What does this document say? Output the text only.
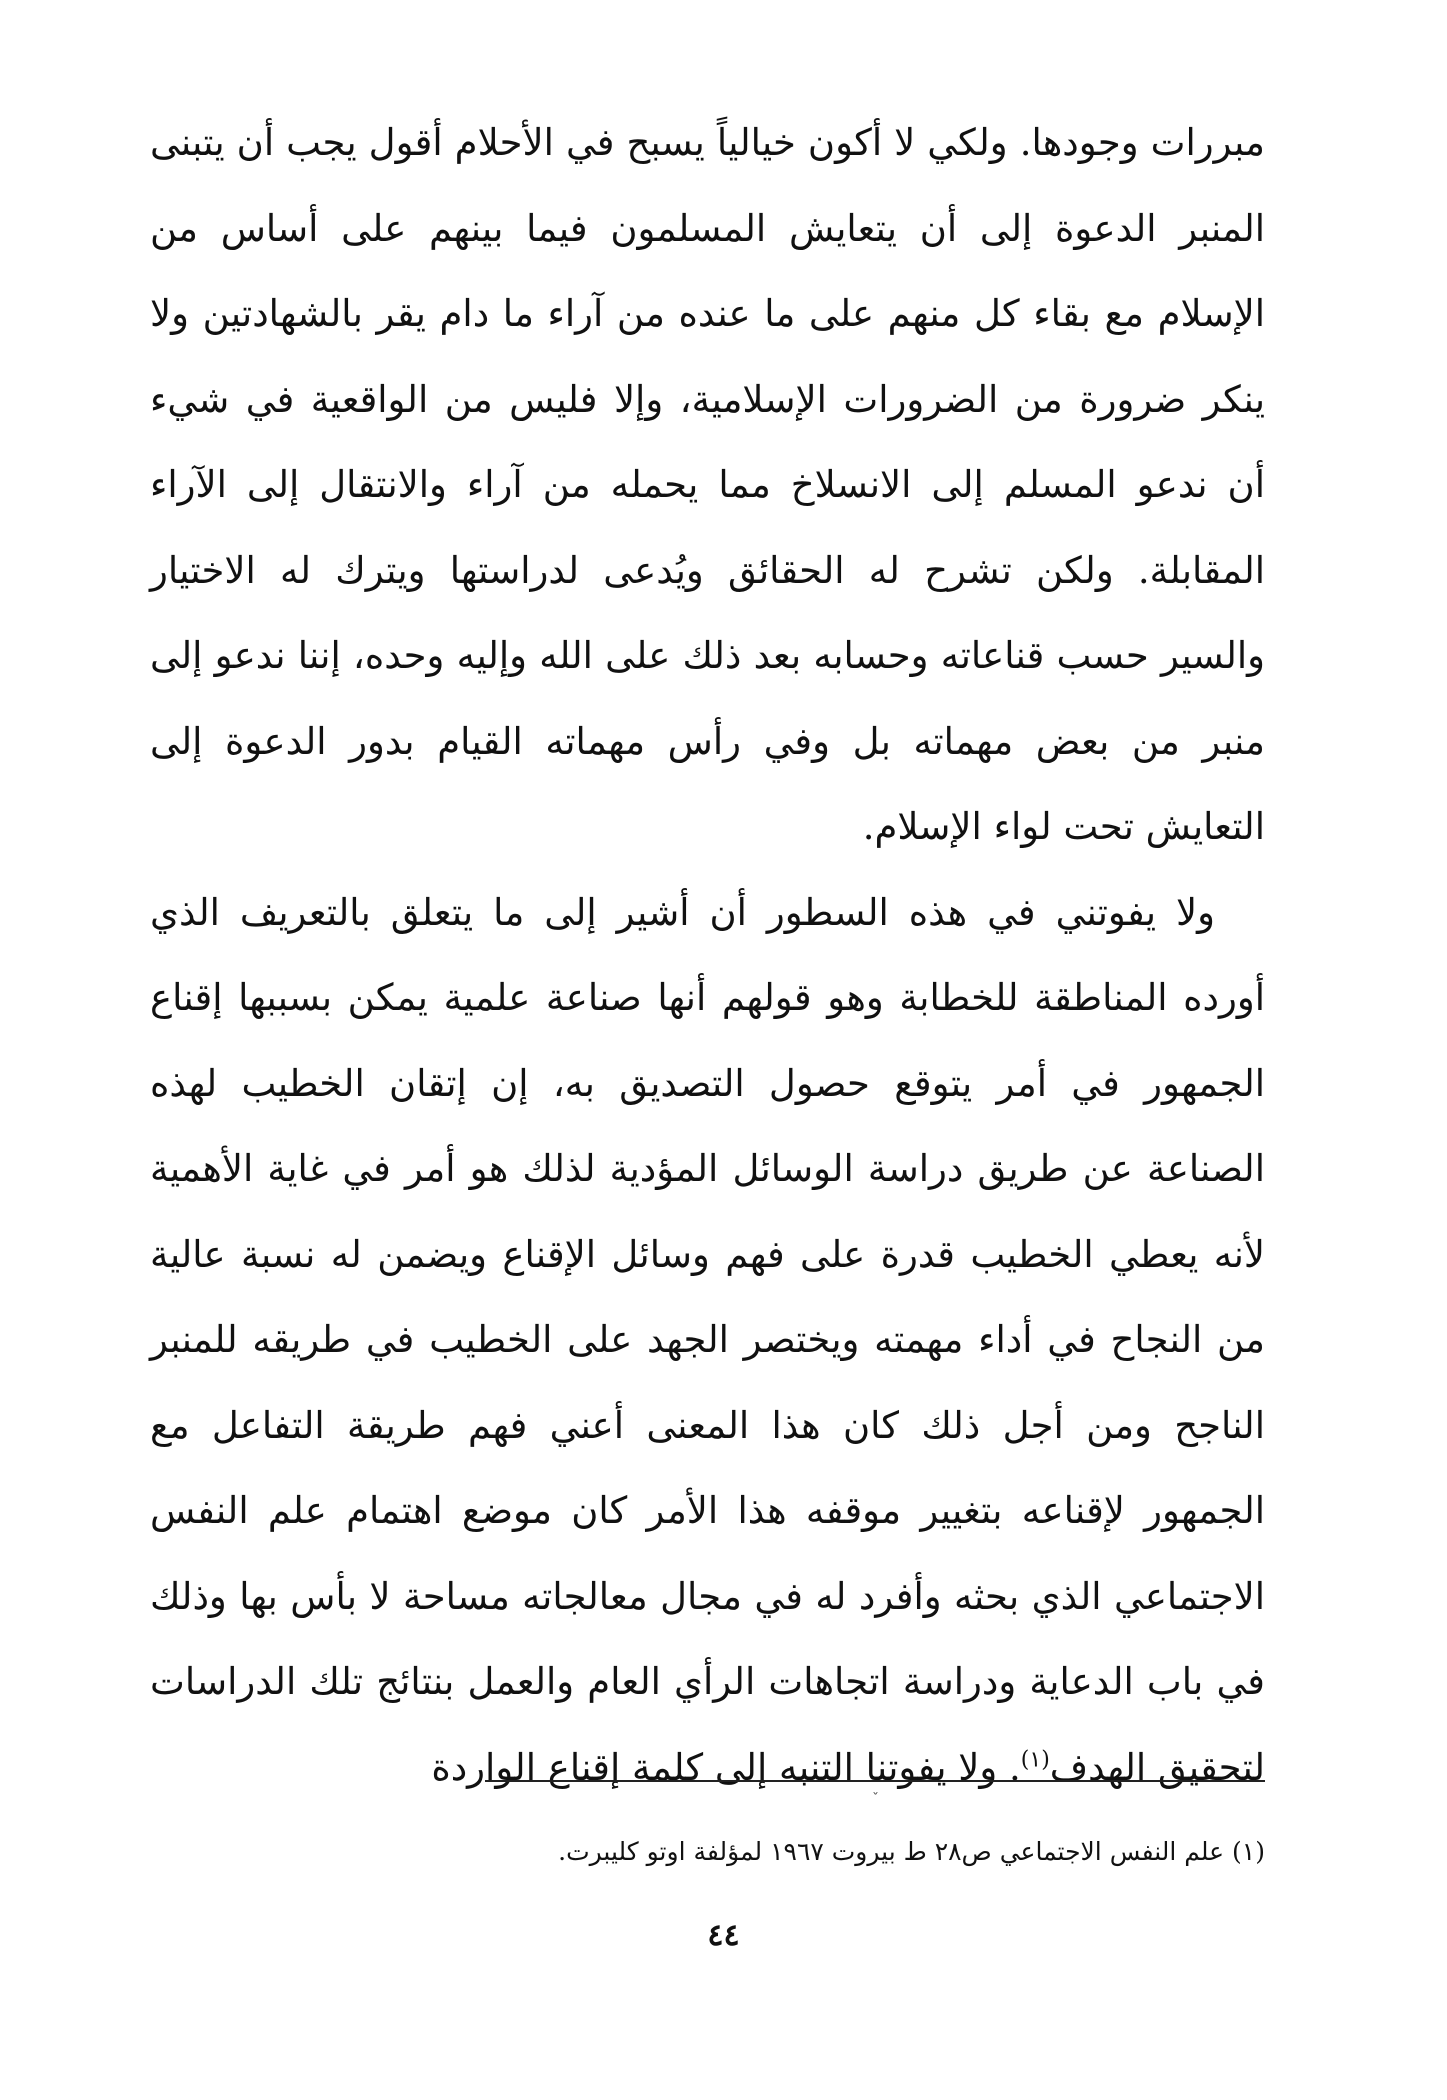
مبررات وجودها. ولكي لا أكون خيالياً يسبح في الأحلام أقول يجب أن يتبنى المنبر الدعوة إلى أن يتعايش المسلمون فيما بينهم على أساس من الإسلام مع بقاء كل منهم على ما عنده من آراء ما دام يقر بالشهادتين ولا ينكر ضرورة من الضرورات الإسلامية، وإلا فليس من الواقعية في شيء أن ندعو المسلم إلى الانسلاخ مما يحمله من آراء والانتقال إلى الآراء المقابلة. ولكن تشرح له الحقائق ويُدعى لدراستها ويترك له الاختيار والسير حسب قناعاته وحسابه بعد ذلك على الله وإليه وحده، إننا ندعو إلى منبر من بعض مهماته بل وفي رأس مهماته القيام بدور الدعوة إلى التعايش تحت لواء الإسلام.

ولا يفوتني في هذه السطور أن أشير إلى ما يتعلق بالتعريف الذي أورده المناطقة للخطابة وهو قولهم أنها صناعة علمية يمكن بسببها إقناع الجمهور في أمر يتوقع حصول التصديق به، إن إتقان الخطيب لهذه الصناعة عن طريق دراسة الوسائل المؤدية لذلك هو أمر في غاية الأهمية لأنه يعطي الخطيب قدرة على فهم وسائل الإقناع ويضمن له نسبة عالية من النجاح في أداء مهمته ويختصر الجهد على الخطيب في طريقه للمنبر الناجح ومن أجل ذلك كان هذا المعنى أعني فهم طريقة التفاعل مع الجمهور لإقناعه بتغيير موقفه هذا الأمر كان موضع اهتمام علم النفس الاجتماعي الذي بحثه وأفرد له في مجال معالجاته مساحة لا بأس بها وذلك في باب الدعاية ودراسة اتجاهات الرأي العام والعمل بنتائج تلك الدراسات لتحقيق الهدف$^{(١)}$. ولا يفوتنا التنبه إلى كلمة إقناع الواردة

ˇ
(١) علم النفس الاجتماعي ص٢٨ ط بيروت ١٩٦٧ لمؤلفة اوتو كليبرت.
٤٤
